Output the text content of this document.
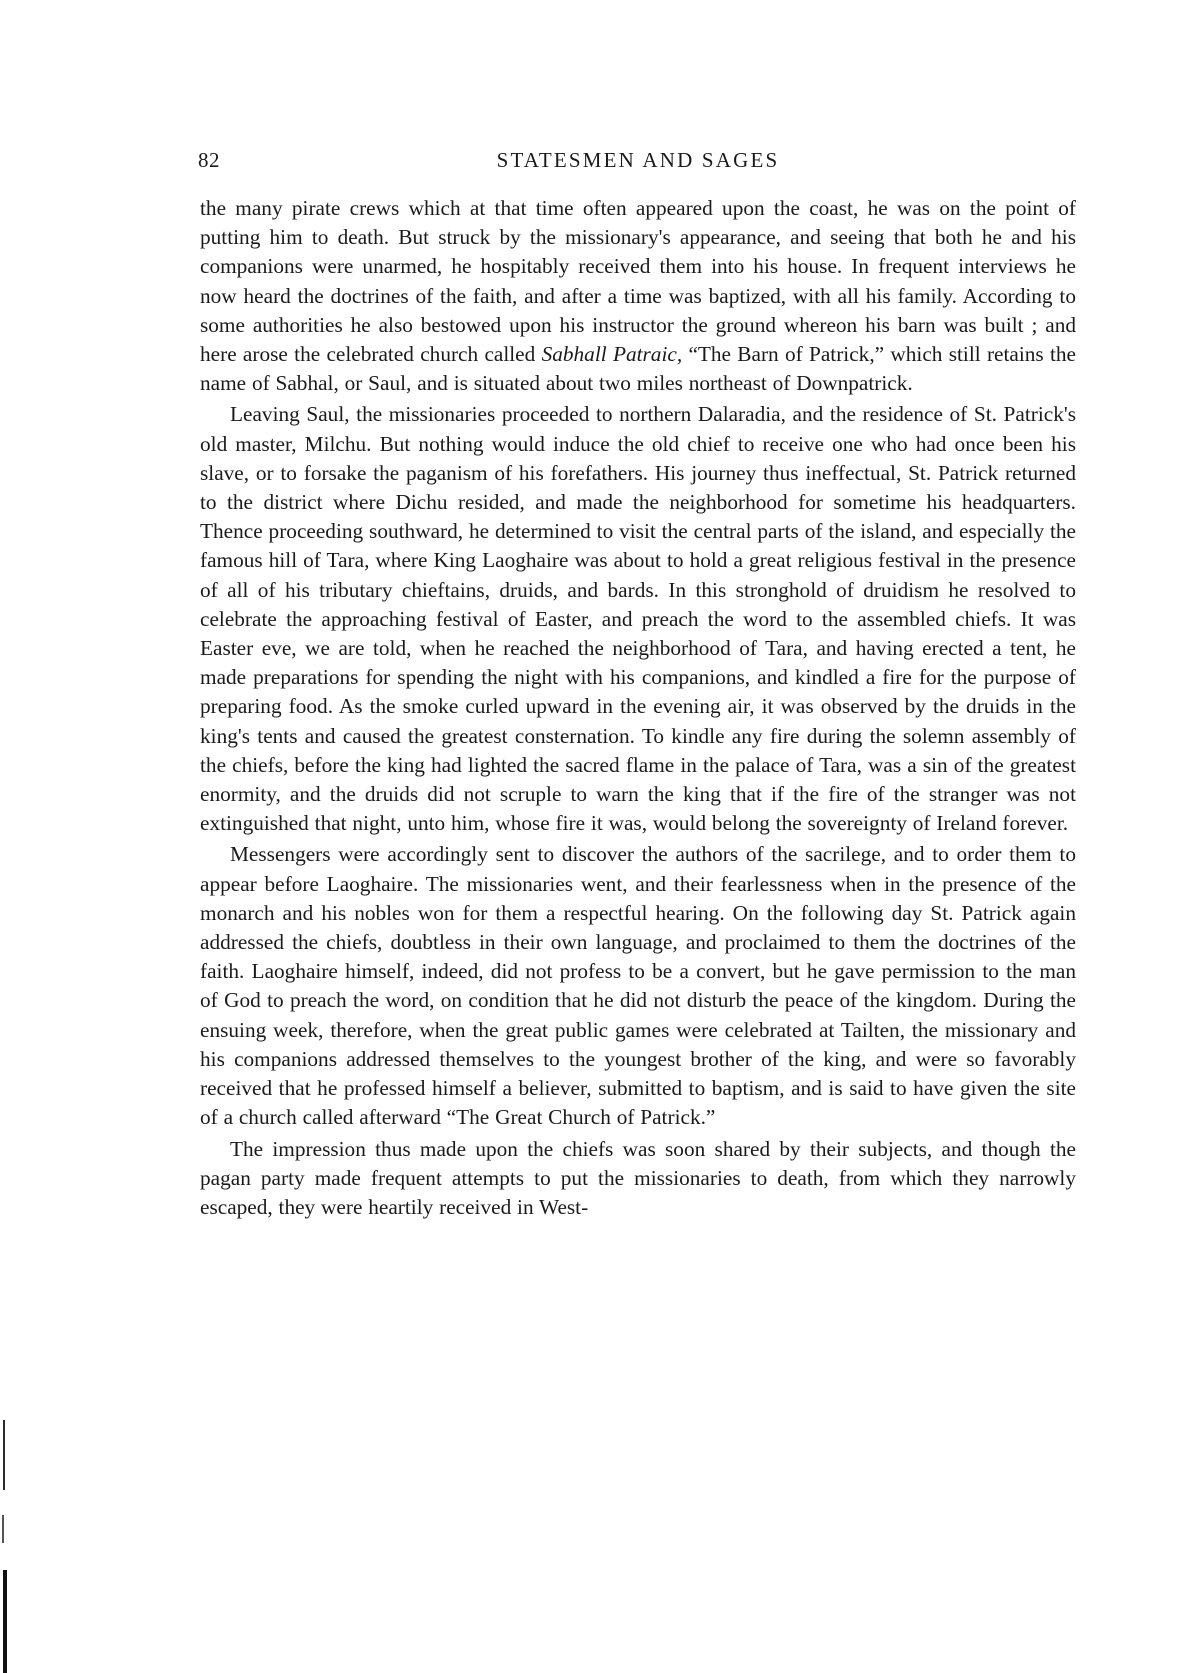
82	STATESMEN AND SAGES

the many pirate crews which at that time often appeared upon the coast, he was on the point of putting him to death. But struck by the missionary's appearance, and seeing that both he and his companions were unarmed, he hospitably received them into his house. In frequent interviews he now heard the doctrines of the faith, and after a time was baptized, with all his family. According to some authorities he also bestowed upon his instructor the ground whereon his barn was built ; and here arose the celebrated church called Sabhall Patraic, “The Barn of Patrick,” which still retains the name of Sabhal, or Saul, and is situated about two miles northeast of Downpatrick.

Leaving Saul, the missionaries proceeded to northern Dalaradia, and the residence of St. Patrick's old master, Milchu. But nothing would induce the old chief to receive one who had once been his slave, or to forsake the paganism of his forefathers. His journey thus ineffectual, St. Patrick returned to the district where Dichu resided, and made the neighborhood for sometime his headquarters. Thence proceeding southward, he determined to visit the central parts of the island, and especially the famous hill of Tara, where King Laoghaire was about to hold a great religious festival in the presence of all of his tributary chieftains, druids, and bards. In this stronghold of druidism he resolved to celebrate the approaching festival of Easter, and preach the word to the assembled chiefs. It was Easter eve, we are told, when he reached the neighborhood of Tara, and having erected a tent, he made preparations for spending the night with his companions, and kindled a fire for the purpose of preparing food. As the smoke curled upward in the evening air, it was observed by the druids in the king's tents and caused the greatest consternation. To kindle any fire during the solemn assembly of the chiefs, before the king had lighted the sacred flame in the palace of Tara, was a sin of the greatest enormity, and the druids did not scruple to warn the king that if the fire of the stranger was not extinguished that night, unto him, whose fire it was, would belong the sovereignty of Ireland forever.

Messengers were accordingly sent to discover the authors of the sacrilege, and to order them to appear before Laoghaire. The missionaries went, and their fearlessness when in the presence of the monarch and his nobles won for them a respectful hearing. On the following day St. Patrick again addressed the chiefs, doubtless in their own language, and proclaimed to them the doctrines of the faith. Laoghaire himself, indeed, did not profess to be a convert, but he gave permission to the man of God to preach the word, on condition that he did not disturb the peace of the kingdom. During the ensuing week, therefore, when the great public games were celebrated at Tailten, the missionary and his companions addressed themselves to the youngest brother of the king, and were so favorably received that he professed himself a believer, submitted to baptism, and is said to have given the site of a church called afterward “The Great Church of Patrick.”

The impression thus made upon the chiefs was soon shared by their subjects, and though the pagan party made frequent attempts to put the missionaries to death, from which they narrowly escaped, they were heartily received in West-
